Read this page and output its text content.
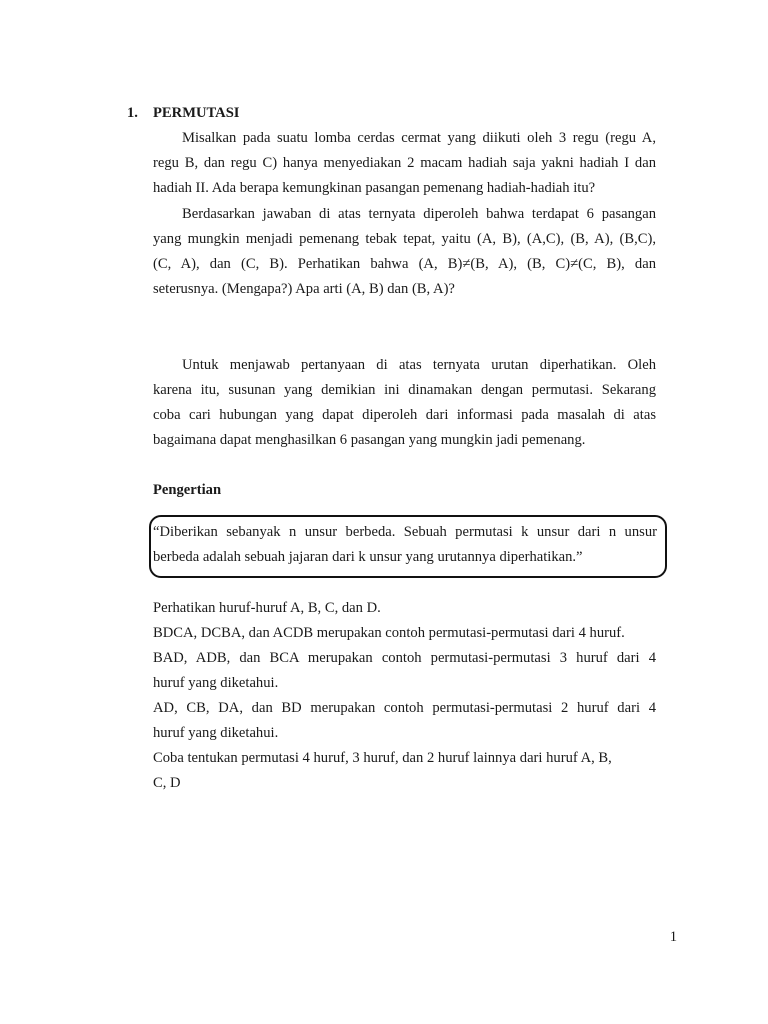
1. PERMUTASI
Misalkan pada suatu lomba cerdas cermat yang diikuti oleh 3 regu (regu A,
regu B, dan regu C) hanya menyediakan 2 macam hadiah saja yakni hadiah I dan
hadiah II. Ada berapa kemungkinan pasangan pemenang hadiah-hadiah itu?
Berdasarkan jawaban di atas ternyata diperoleh bahwa terdapat 6 pasangan
yang mungkin menjadi pemenang tebak tepat, yaitu (A, B), (A,C), (B, A), (B,C),
(C, A), dan (C, B). Perhatikan bahwa (A, B)≠(B, A), (B, C)≠(C, B), dan
seterusnya. (Mengapa?) Apa arti (A, B) dan (B, A)?
Untuk menjawab pertanyaan di atas ternyata urutan diperhatikan. Oleh
karena itu, susunan yang demikian ini dinamakan dengan permutasi. Sekarang
coba cari hubungan yang dapat diperoleh dari informasi pada masalah di atas
bagaimana dapat menghasilkan 6 pasangan yang mungkin jadi pemenang.
Pengertian
“Diberikan sebanyak n unsur berbeda. Sebuah permutasi k unsur dari n unsur
berbeda adalah sebuah jajaran dari k unsur yang urutannya diperhatikan.”
Perhatikan huruf-huruf A, B, C, dan D.
BDCA, DCBA, dan ACDB merupakan contoh permutasi-permutasi dari 4 huruf.
BAD, ADB, dan BCA merupakan contoh permutasi-permutasi 3 huruf dari 4
huruf yang diketahui.
AD, CB, DA, dan BD merupakan contoh permutasi-permutasi 2 huruf dari 4
huruf yang diketahui.
Coba tentukan permutasi 4 huruf, 3 huruf, dan 2 huruf lainnya dari huruf A, B,
C, D
1
